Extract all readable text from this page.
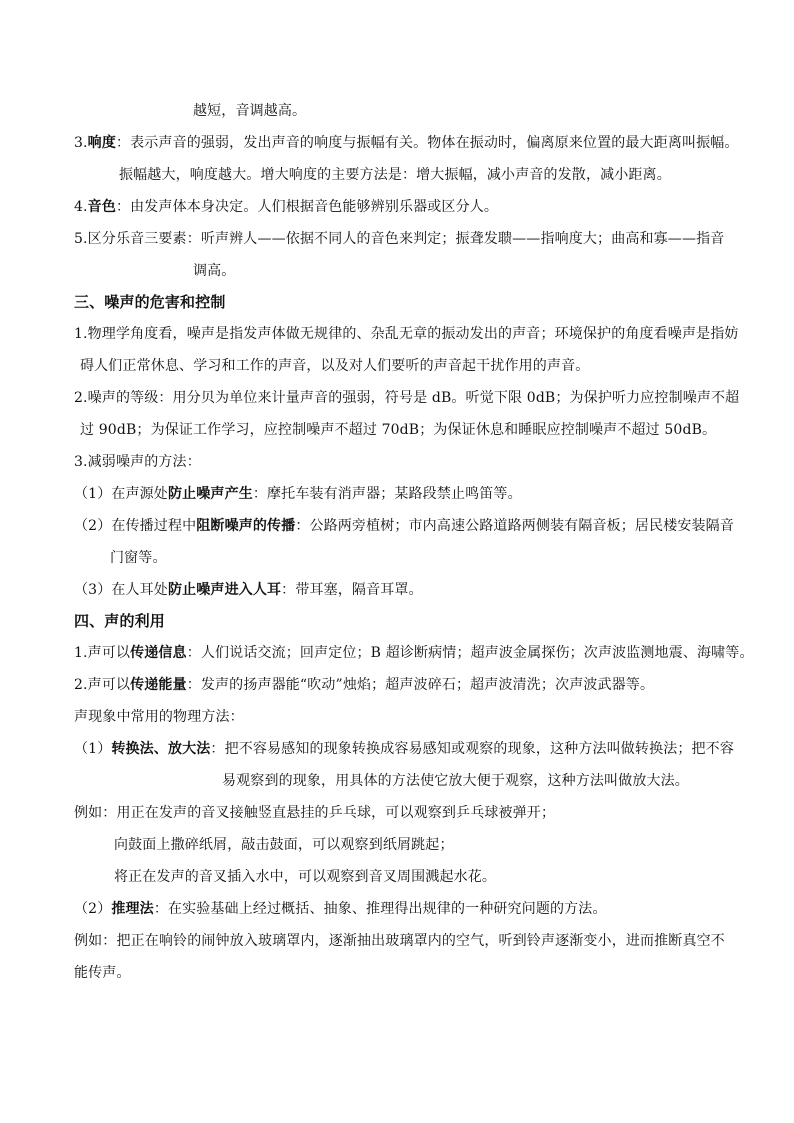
越短，音调越高。
3.响度：表示声音的强弱，发出声音的响度与振幅有关。物体在振动时，偏离原来位置的最大距离叫振幅。
振幅越大，响度越大。增大响度的主要方法是：增大振幅，减小声音的发散，减小距离。
4.音色：由发声体本身决定。人们根据音色能够辨别乐器或区分人。
5.区分乐音三要素：听声辨人——依据不同人的音色来判定；振聋发聩——指响度大；曲高和寡——指音
调高。
三、噪声的危害和控制
1.物理学角度看，噪声是指发声体做无规律的、杂乱无章的振动发出的声音；环境保护的角度看噪声是指妨
碍人们正常休息、学习和工作的声音，以及对人们要听的声音起干扰作用的声音。
2.噪声的等级：用分贝为单位来计量声音的强弱，符号是 dB。听觉下限 0dB；为保护听力应控制噪声不超
过 90dB；为保证工作学习，应控制噪声不超过 70dB；为保证休息和睡眠应控制噪声不超过 50dB。
3.减弱噪声的方法：
（1）在声源处防止噪声产生：摩托车装有消声器；某路段禁止鸣笛等。
（2）在传播过程中阻断噪声的传播：公路两旁植树；市内高速公路道路两侧装有隔音板；居民楼安装隔音
门窗等。
（3）在人耳处防止噪声进入人耳：带耳塞，隔音耳罩。
四、声的利用
1.声可以传递信息：人们说话交流；回声定位；B 超诊断病情；超声波金属探伤；次声波监测地震、海啸等。
2.声可以传递能量：发声的扬声器能“吹动”烛焰；超声波碎石；超声波清洗；次声波武器等。
声现象中常用的物理方法：
（1）转换法、放大法：把不容易感知的现象转换成容易感知或观察的现象，这种方法叫做转换法；把不容
易观察到的现象，用具体的方法使它放大便于观察，这种方法叫做放大法。
例如：用正在发声的音叉接触竖直悬挂的乒乓球，可以观察到乒乓球被弹开；
向鼓面上撒碎纸屑，敲击鼓面，可以观察到纸屑跳起；
将正在发声的音叉插入水中，可以观察到音叉周围溅起水花。
（2）推理法：在实验基础上经过概括、抽象、推理得出规律的一种研究问题的方法。
例如：把正在响铃的闹钟放入玻璃罩内，逐渐抽出玻璃罩内的空气，听到铃声逐渐变小，进而推断真空不
能传声。
